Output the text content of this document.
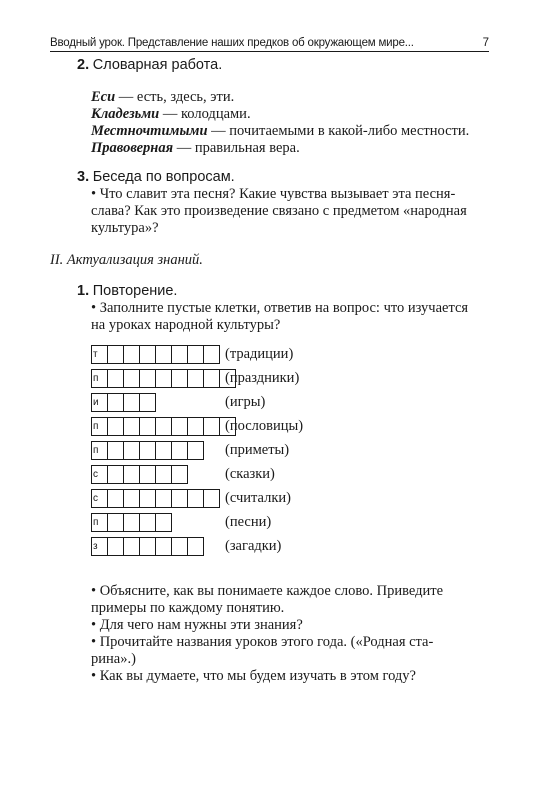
Вводный урок. Представление наших предков об окружающем мире...	7
2. Словарная работа.
Еси — есть, здесь, эти.
Кладезьми — колодцами.
Местночтимыми — почитаемыми в какой-либо местности.
Правоверная — правильная вера.
3. Беседа по вопросам.
• Что славит эта песня? Какие чувства вызывает эта песня-
слава? Как это произведение связано с предметом «народная
культура»?
II. Актуализация знаний.
1. Повторение.
• Заполните пустые клетки, ответив на вопрос: что изучается
на уроках народной культуры?
т	(традиции)
п	(праздники)
и	(игры)
п	(пословицы)
п	(приметы)
с	(сказки)
с	(считалки)
п	(песни)
з	(загадки)
• Объясните, как вы понимаете каждое слово. Приведите
примеры по каждому понятию.
• Для чего нам нужны эти знания?
• Прочитайте названия уроков этого года. («Родная ста-
рина».)
• Как вы думаете, что мы будем изучать в этом году?
